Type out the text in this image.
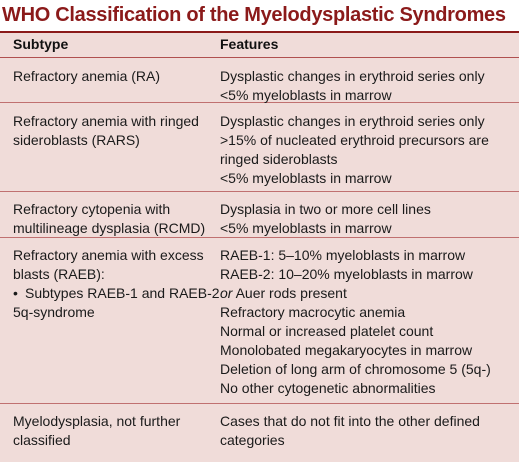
WHO Classification of the Myelodysplastic Syndromes
Subtype	Features
Refractory anemia (RA)	Dysplastic changes in erythroid series only
<5% myeloblasts in marrow
Refractory anemia with ringed
sideroblasts (RARS)
Dysplastic changes in erythroid series only
>15% of nucleated erythroid precursors are
ringed sideroblasts
<5% myeloblasts in marrow
Refractory cytopenia with
multilineage dysplasia (RCMD)
Dysplasia in two or more cell lines
<5% myeloblasts in marrow
Refractory anemia with excess
blasts (RAEB):
• Subtypes RAEB-1 and RAEB-2
5q-syndrome
RAEB-1: 5–10% myeloblasts in marrow
RAEB-2: 10–20% myeloblasts in marrow
or Auer rods present
Refractory macrocytic anemia
Normal or increased platelet count
Monolobated megakaryocytes in marrow
Deletion of long arm of chromosome 5 (5q-)
No other cytogenetic abnormalities
Myelodysplasia, not further
classified
Cases that do not fit into the other defined
categories
